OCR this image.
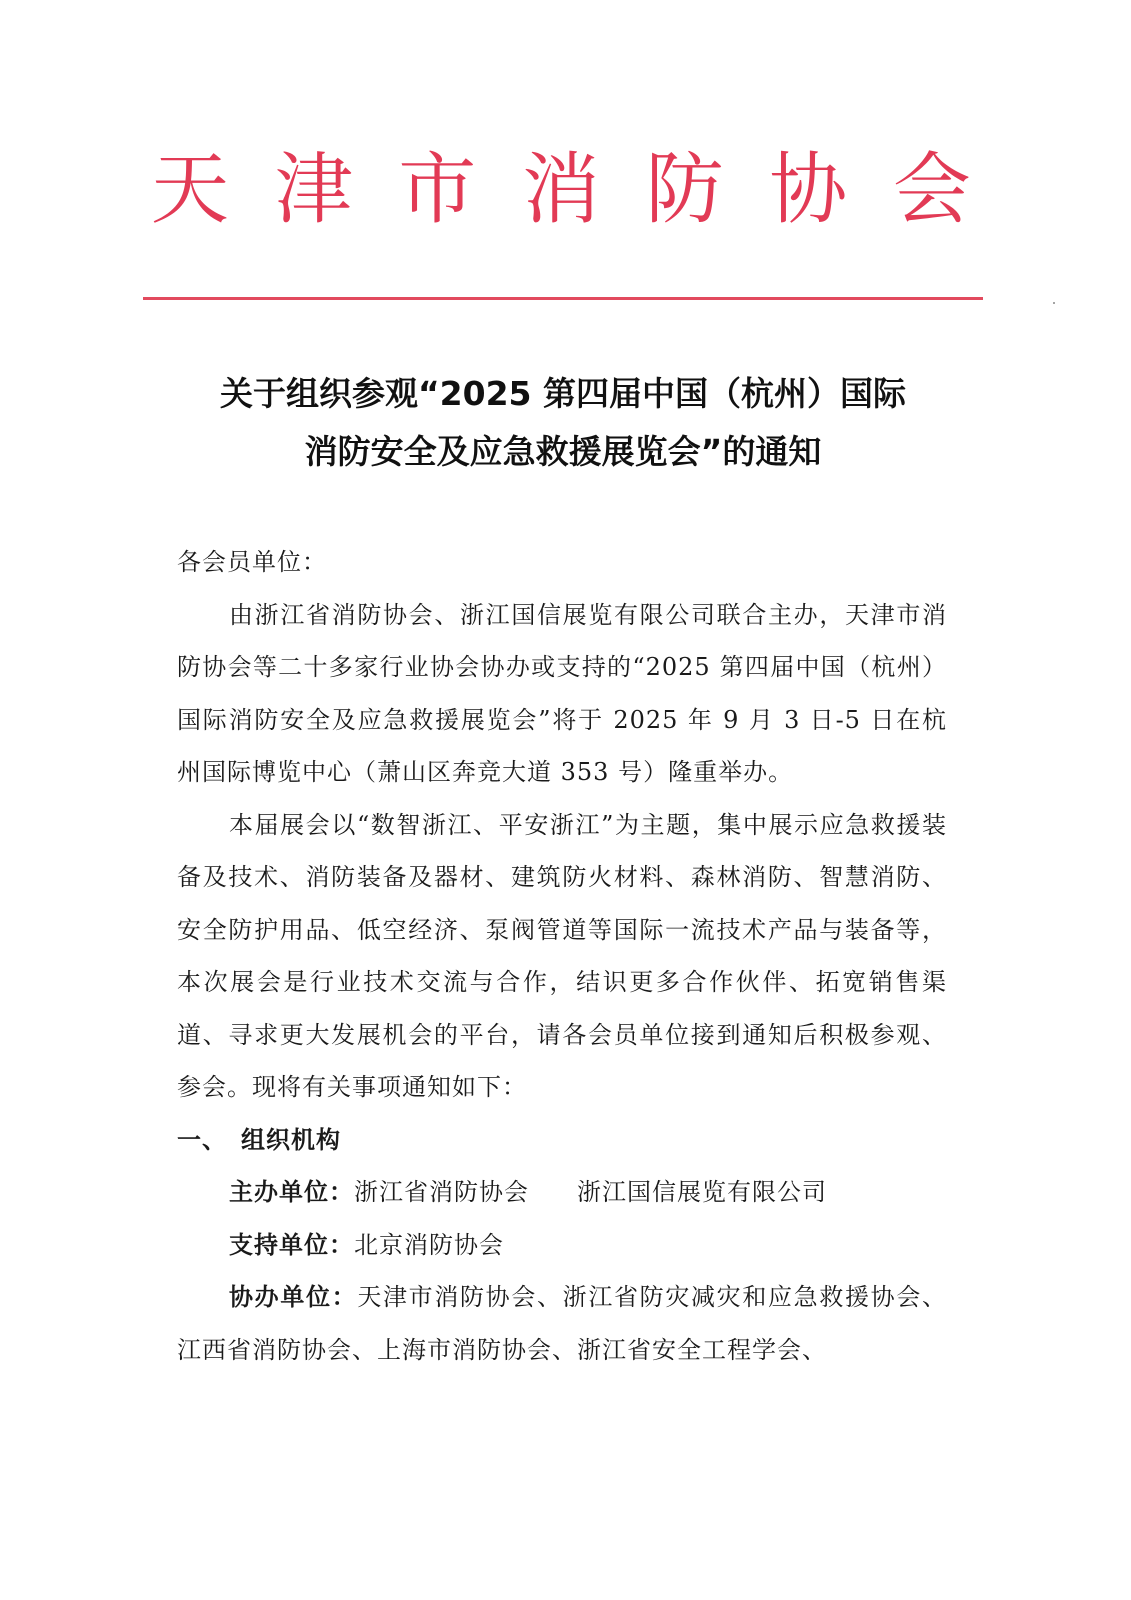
天 津 市 消 防 协 会
关于组织参观“2025 第四届中国（杭州）国际
消防安全及应急救援展览会”的通知

各会员单位：

由浙江省消防协会、浙江国信展览有限公司联合主办，天津市消防协会等二十多家行业协会协办或支持的“2025 第四届中国（杭州）国际消防安全及应急救援展览会”将于 2025 年 9 月 3 日-5 日在杭州国际博览中心（萧山区奔竞大道 353 号）隆重举办。

本届展会以“数智浙江、平安浙江”为主题，集中展示应急救援装备及技术、消防装备及器材、建筑防火材料、森林消防、智慧消防、安全防护用品、低空经济、泵阀管道等国际一流技术产品与装备等，本次展会是行业技术交流与合作，结识更多合作伙伴、拓宽销售渠道、寻求更大发展机会的平台，请各会员单位接到通知后积极参观、参会。现将有关事项通知如下：

一、 组织机构

主办单位：浙江省消防协会 浙江国信展览有限公司

支持单位：北京消防协会

协办单位：天津市消防协会、浙江省防灾减灾和应急救援协会、江西省消防协会、上海市消防协会、浙江省安全工程学会、
